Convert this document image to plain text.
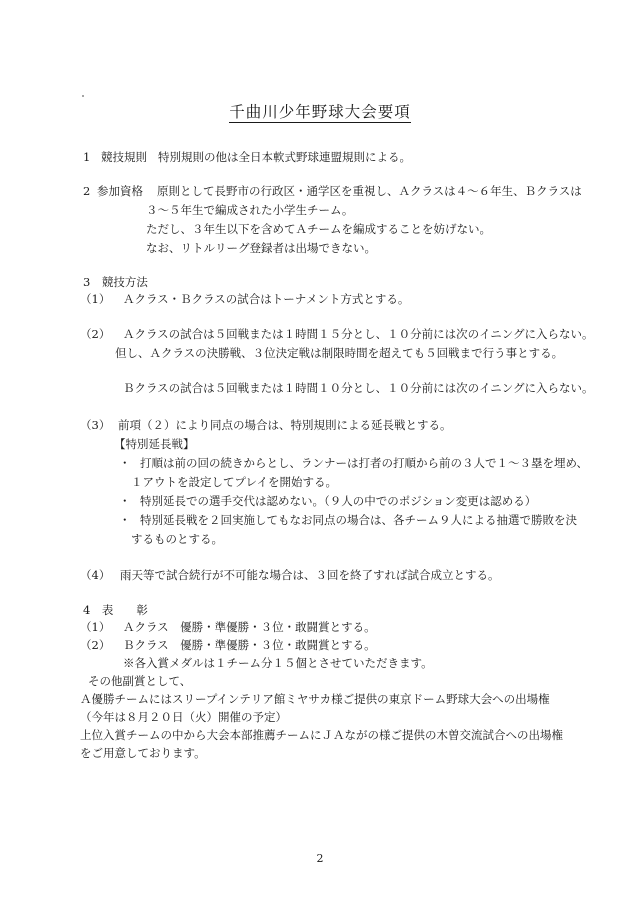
千曲川少年野球大会要項
1 競技規則 特別規則の他は全日本軟式野球連盟規則による。
2 参加資格 原則として長野市の行政区・通学区を重視し、Ａクラスは４～６年生、Ｂクラスは
３～５年生で編成された小学生チーム。
ただし、３年生以下を含めてＡチームを編成することを妨げない。
なお、リトルリーグ登録者は出場できない。
3　競技方法
（1） Ａクラス・Ｂクラスの試合はトーナメント方式とする。
（2） Ａクラスの試合は５回戦または１時間１５分とし、１０分前には次のイニングに入らない。
但し、Ａクラスの決勝戦、３位決定戦は制限時間を超えても５回戦まで行う事とする。
Ｂクラスの試合は５回戦または１時間１０分とし、１０分前には次のイニングに入らない。
（3） 前項（２）により同点の場合は、特別規則による延長戦とする。
【特別延長戦】
・ 打順は前の回の続きからとし、ランナーは打者の打順から前の３人で１～３塁を埋め、
１アウトを設定してプレイを開始する。
・ 特別延長での選手交代は認めない。（９人の中でのポジション変更は認める）
・ 特別延長戦を２回実施してもなお同点の場合は、各チーム９人による抽選で勝敗を決
するものとする。
（4） 雨天等で試合続行が不可能な場合は、３回を終了すれば試合成立とする。
4　表　　彰
（1） Ａクラス　優勝・準優勝・３位・敢闘賞とする。
（2） Ｂクラス　優勝・準優勝・３位・敢闘賞とする。
※各入賞メダルは１チーム分１５個とさせていただきます。
その他副賞として、
Ａ優勝チームにはスリープインテリア館ミヤサカ様ご提供の東京ドーム野球大会への出場権
（今年は８月２０日（火）開催の予定）
上位入賞チームの中から大会本部推薦チームにＪＡながの様ご提供の木曽交流試合への出場権
をご用意しております。
2
